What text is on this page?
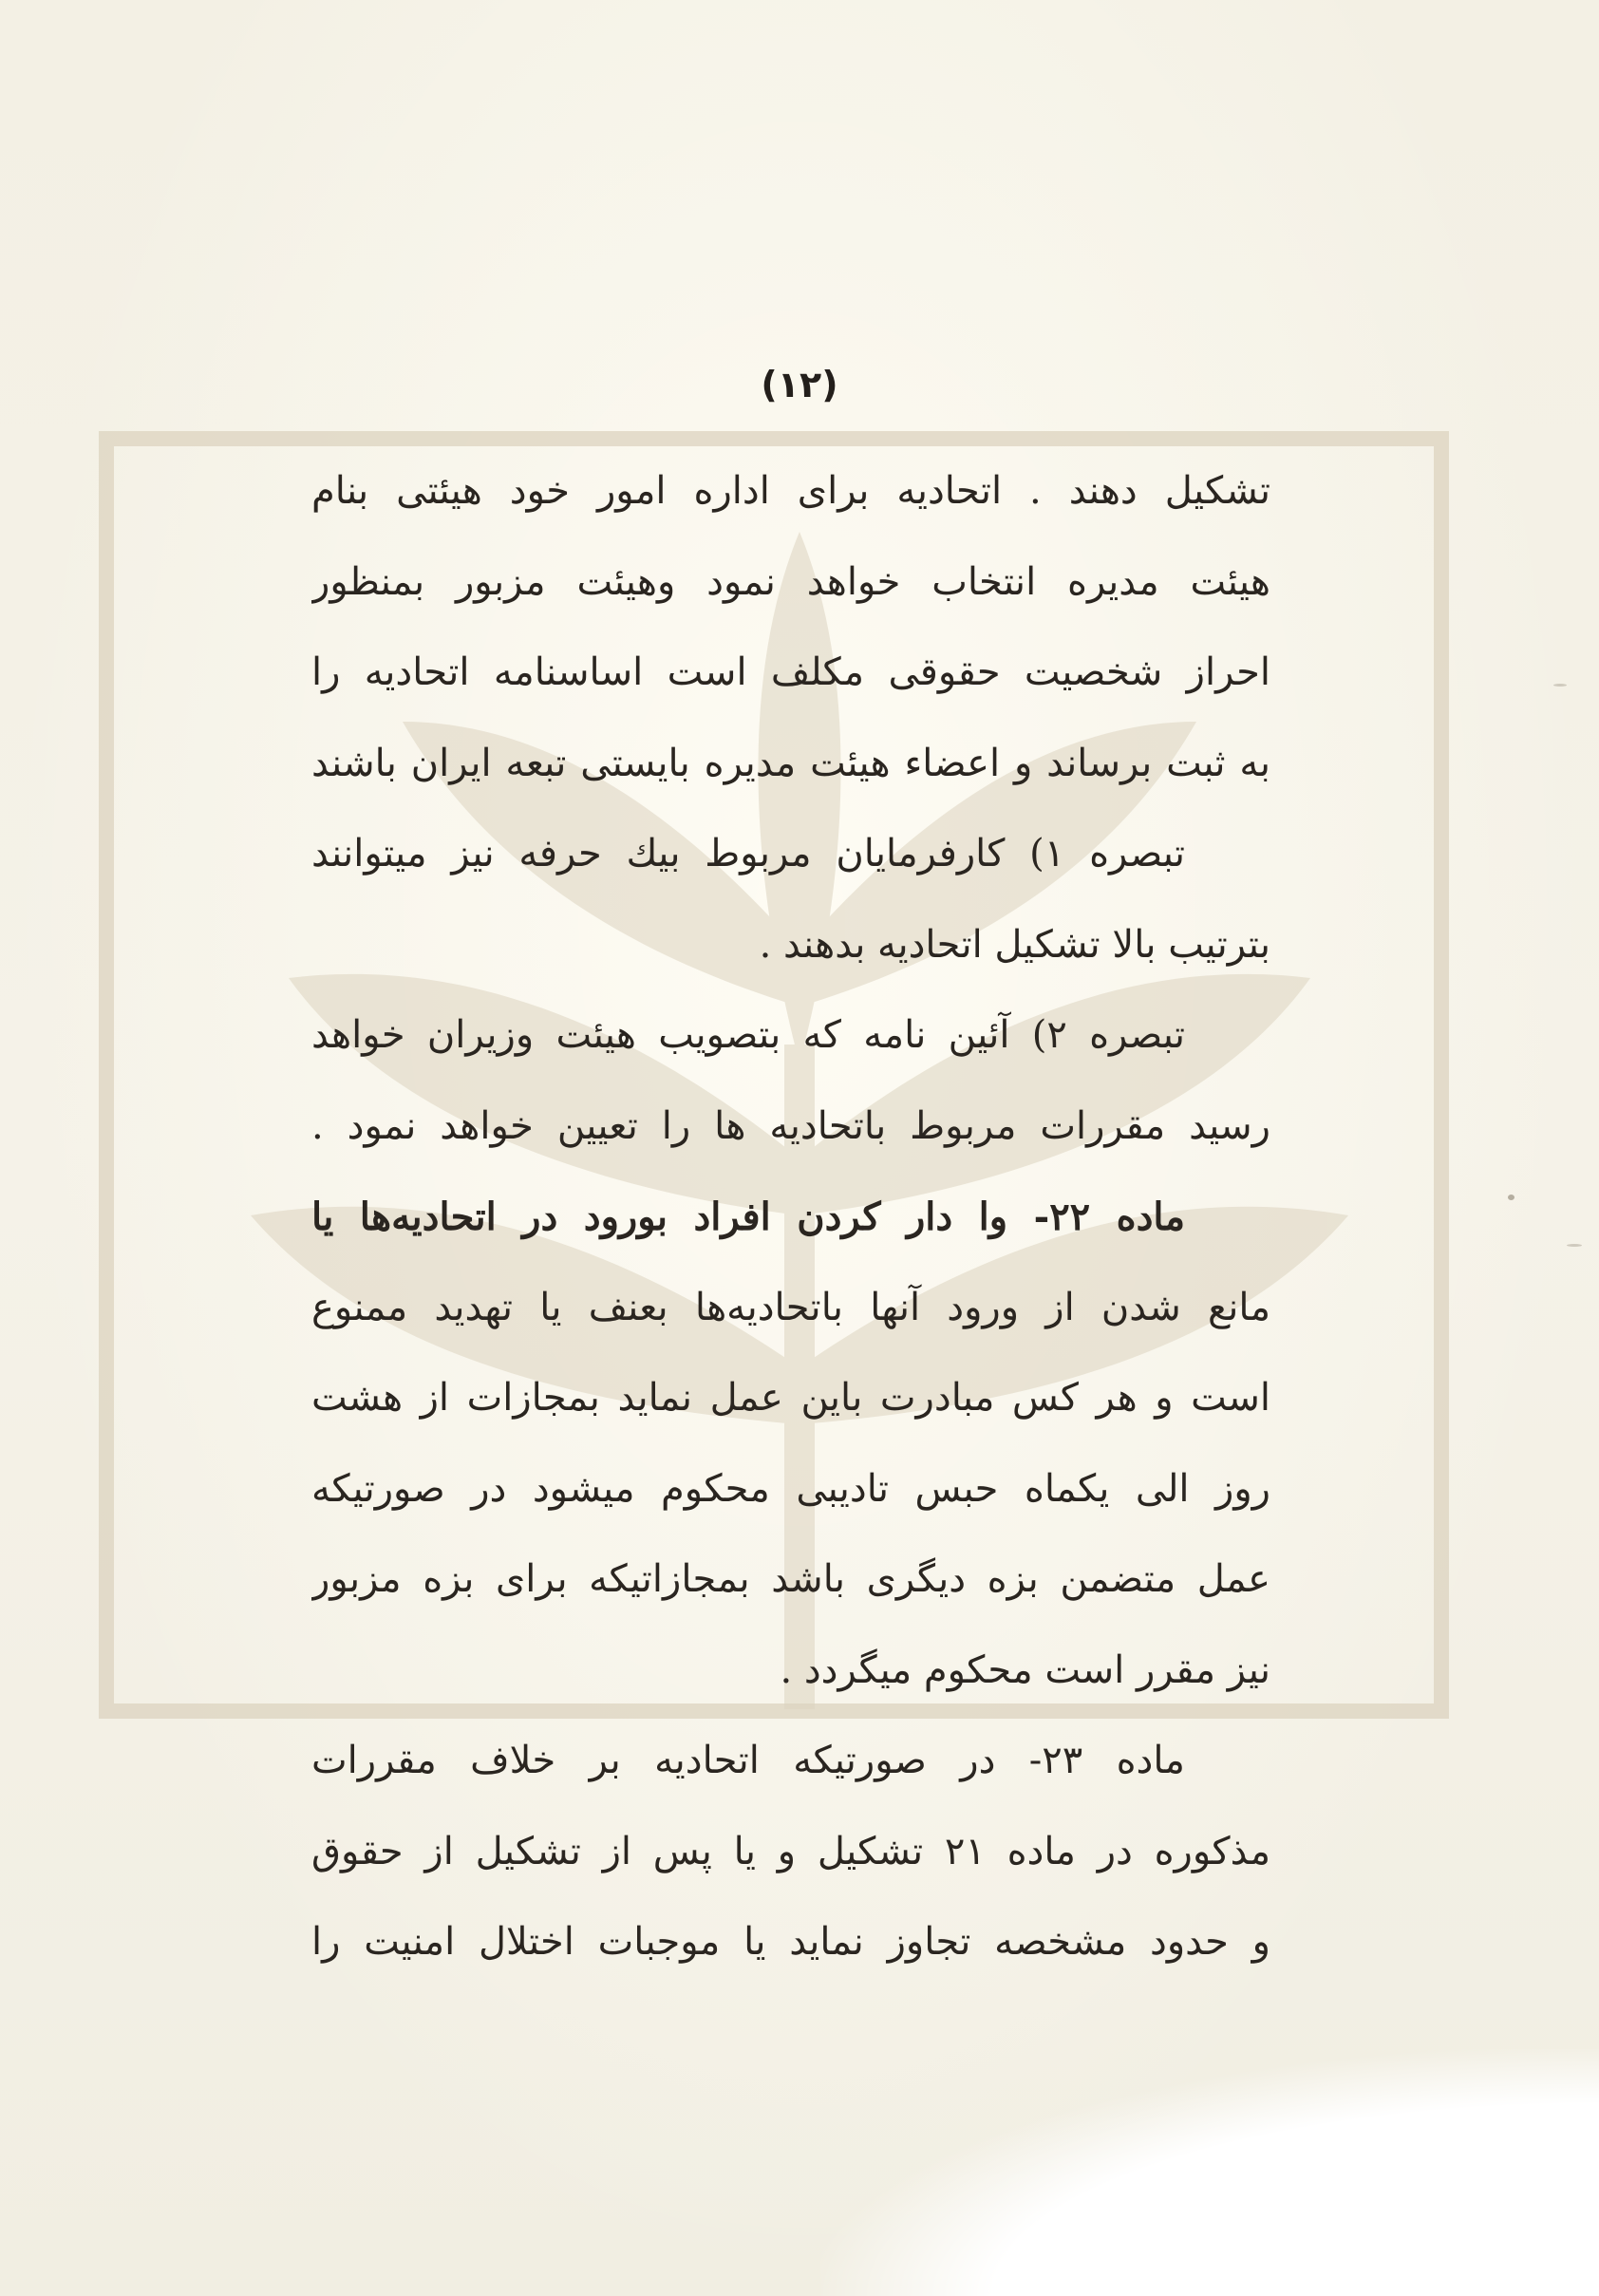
(۱۲)
تشکیل دهند . اتحادیه برای اداره امور خود هیئتی بنام
هیئت مدیره انتخاب خواهد نمود وهیئت مزبور بمنظور
احراز شخصیت حقوقی مکلف است اساسنامه اتحادیه را
به ثبت برساند و اعضاء هیئت مدیره بایستی تبعه ایران باشند
تبصره ۱) کارفرمایان مربوط بیك حرفه نیز میتوانند
بترتیب بالا تشکیل اتحادیه بدهند .
تبصره ۲) آئین نامه که بتصویب هیئت وزیران خواهد
رسید مقررات مربوط باتحادیه ها را تعیین خواهد نمود .
ماده ۲۲- وا دار کردن افراد بورود در اتحادیه‌ها یا
مانع شدن از ورود آنها باتحادیه‌ها بعنف یا تهدید ممنوع
است و هر کس مبادرت باین عمل نماید بمجازات از هشت
روز الی یکماه حبس تادیبی محکوم میشود در صورتیکه
عمل متضمن بزه دیگری باشد بمجازاتیکه برای بزه مزبور
نیز مقرر است محکوم میگردد .
ماده ۲۳- در صورتیکه اتحادیه بر خلاف مقررات
مذکوره در ماده ۲۱ تشکیل و یا پس از تشکیل از حقوق
و حدود مشخصه تجاوز نماید یا موجبات اختلال امنیت را
